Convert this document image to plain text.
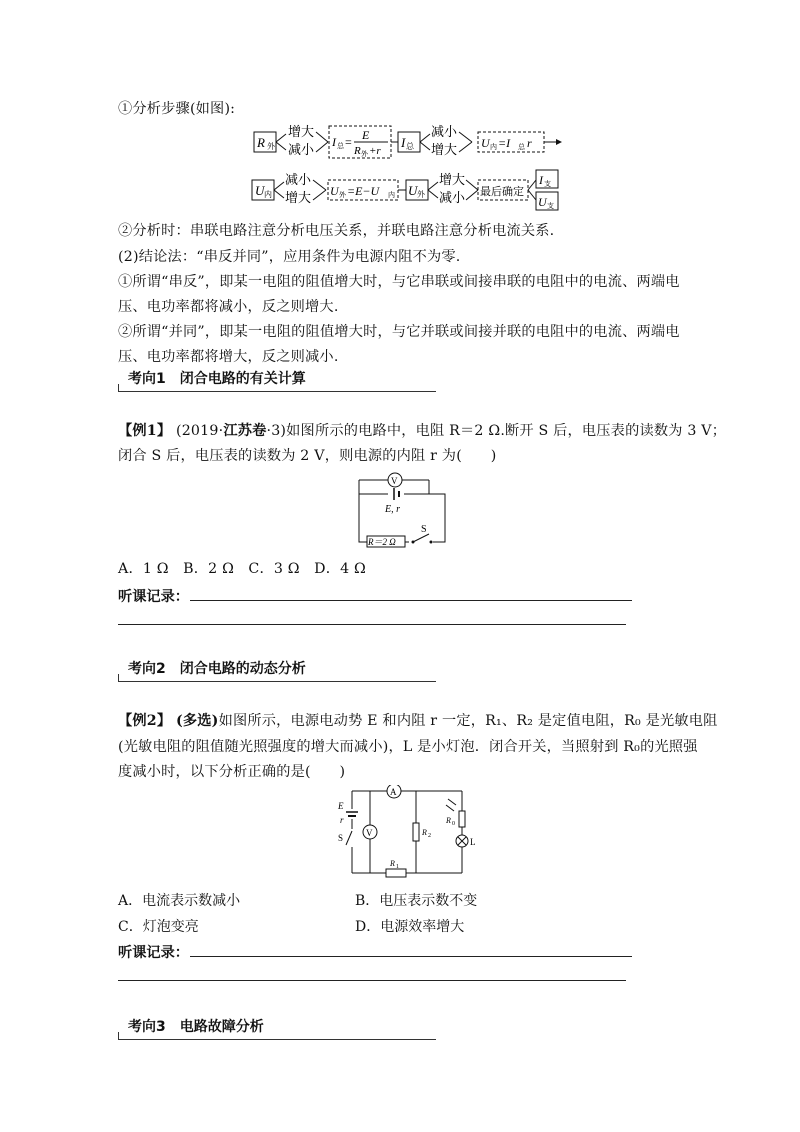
①分析步骤(如图):
R 外
增大
减小 I 总 = E
R 外 +r
I 总
减小
增大 U 内 =I 总 r
U 内
减小
增大 U 外 =E−U 内 U 外
增大
减小 最后确定
I 支
U 支
②分析时：串联电路注意分析电压关系，并联电路注意分析电流关系.
(2)结论法：“串反并同”，应用条件为电源内阻不为零.
①所谓“串反”，即某一电阻的阻值增大时，与它串联或间接串联的电阻中的电流、两端电
压、电功率都将减小，反之则增大.
②所谓“并同”，即某一电阻的阻值增大时，与它并联或间接并联的电阻中的电流、两端电
压、电功率都将增大，反之则减小.
考向1　闭合电路的有关计算
【例1】 (2019·江苏卷·3)如图所示的电路中，电阻 R＝2 Ω.断开 S 后，电压表的读数为 3 V；
闭合 S 后，电压表的读数为 2 V，则电源的内阻 r 为(　　)
V
E, r
R＝2 Ω
S
A．1 Ω　B．2 Ω　C．3 Ω　D．4 Ω
听课记录：
考向2　闭合电路的动态分析
【例2】 (多选)如图所示，电源电动势 E 和内阻 r 一定，R₁、R₂ 是定值电阻，R₀ 是光敏电阻
(光敏电阻的阻值随光照强度的增大而减小)，L 是小灯泡．闭合开关，当照射到 R₀的光照强
度减小时，以下分析正确的是(　　)
A
E
r
S	V	R 2
R 0
L
R 1
A．电流表示数减小	B．电压表示数不变
C．灯泡变亮	D．电源效率增大
听课记录：
考向3　电路故障分析
